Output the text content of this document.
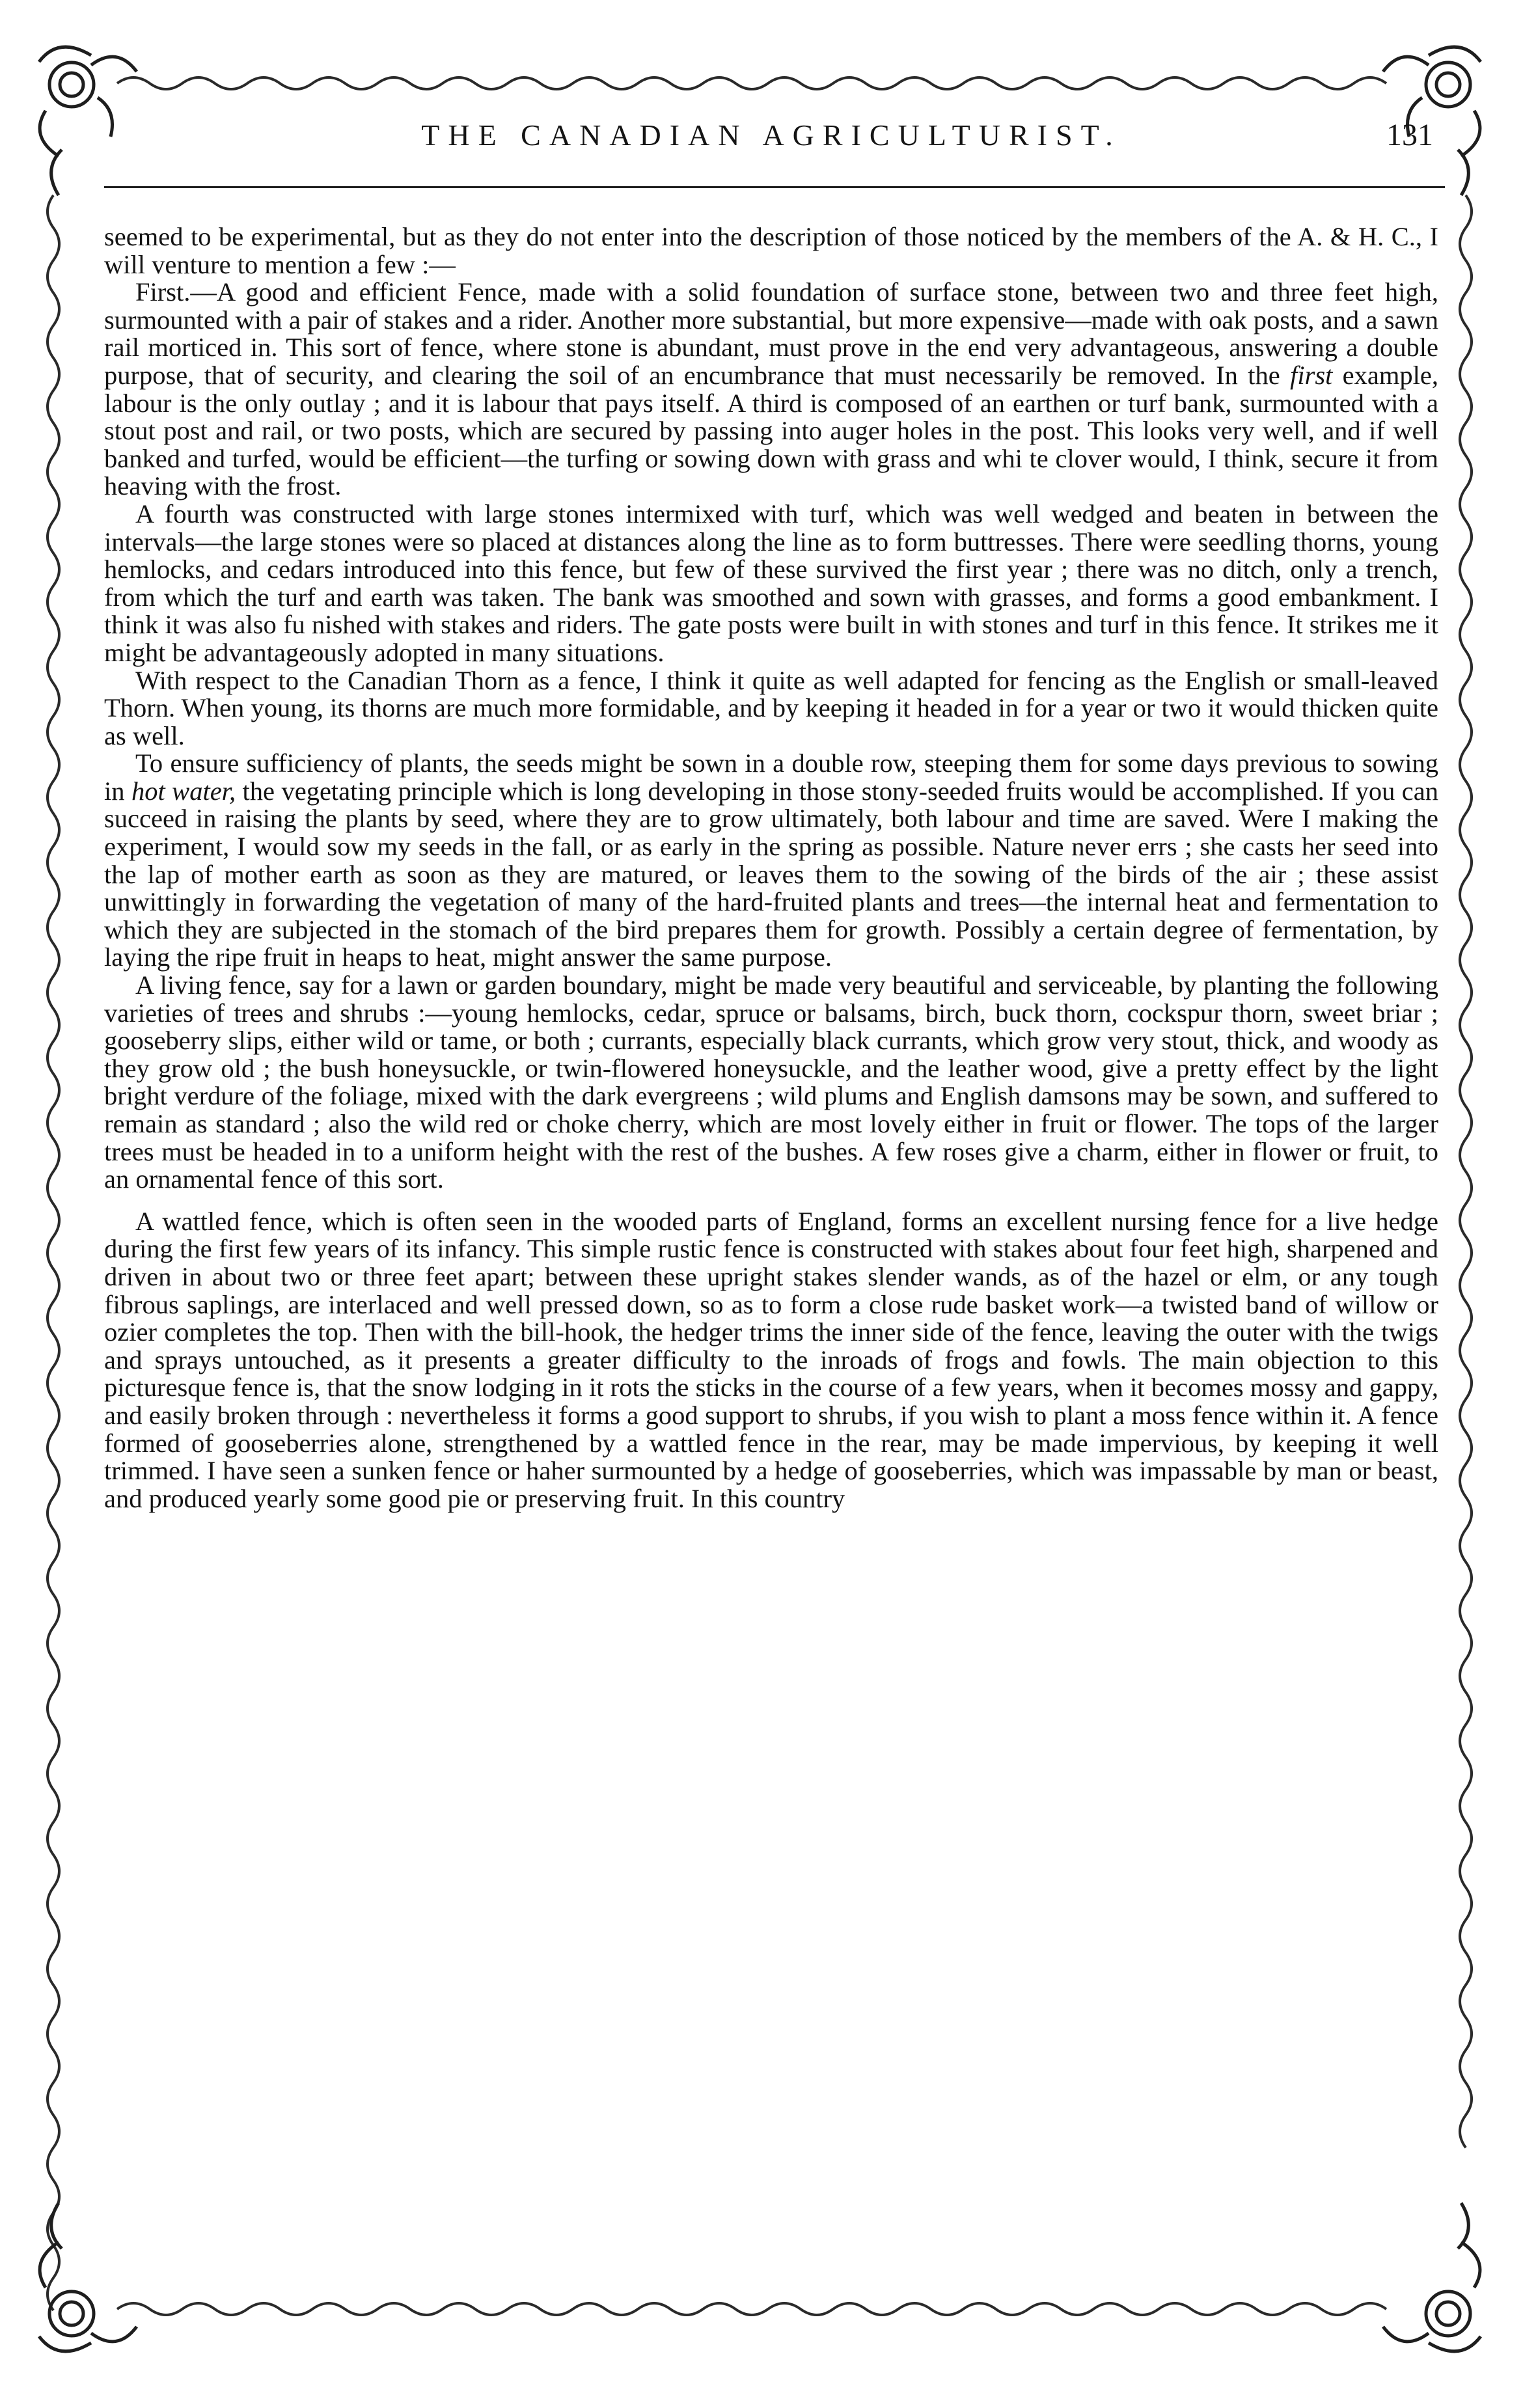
THE CANADIAN AGRICULTURIST.	131

seemed to be experimental, but as they do not enter into the description of those noticed by the members of the A. & H. C., I will venture to mention a few :—

First.—A good and efficient Fence, made with a solid foundation of surface stone, between two and three feet high, surmounted with a pair of stakes and a rider. Another more substantial, but more expensive—made with oak posts, and a sawn rail morticed in. This sort of fence, where stone is abundant, must prove in the end very advantageous, answering a double purpose, that of security, and clearing the soil of an encumbrance that must necessarily be removed. In the first example, labour is the only outlay ; and it is labour that pays itself. A third is composed of an earthen or turf bank, surmounted with a stout post and rail, or two posts, which are secured by passing into auger holes in the post. This looks very well, and if well banked and turfed, would be efficient—the turfing or sowing down with grass and whi te clover would, I think, secure it from heaving with the frost.

A fourth was constructed with large stones intermixed with turf, which was well wedged and beaten in between the intervals—the large stones were so placed at distances along the line as to form buttresses. There were seedling thorns, young hemlocks, and cedars introduced into this fence, but few of these survived the first year ; there was no ditch, only a trench, from which the turf and earth was taken. The bank was smoothed and sown with grasses, and forms a good embankment. I think it was also fu nished with stakes and riders. The gate posts were built in with stones and turf in this fence. It strikes me it might be advantageously adopted in many situations.

With respect to the Canadian Thorn as a fence, I think it quite as well adapted for fencing as the English or small-leaved Thorn. When young, its thorns are much more formidable, and by keeping it headed in for a year or two it would thicken quite as well.

To ensure sufficiency of plants, the seeds might be sown in a double row, steeping them for some days previous to sowing in hot water, the vegetating principle which is long developing in those stony-seeded fruits would be accomplished. If you can succeed in raising the plants by seed, where they are to grow ultimately, both labour and time are saved. Were I making the experiment, I would sow my seeds in the fall, or as early in the spring as possible. Nature never errs ; she casts her seed into the lap of mother earth as soon as they are matured, or leaves them to the sowing of the birds of the air ; these assist unwittingly in forwarding the vegetation of many of the hard-fruited plants and trees—the internal heat and fermentation to which they are subjected in the stomach of the bird prepares them for growth. Possibly a certain degree of fermentation, by laying the ripe fruit in heaps to heat, might answer the same purpose.

A living fence, say for a lawn or garden boundary, might be made very beautiful and serviceable, by planting the following varieties of trees and shrubs :—young hemlocks, cedar, spruce or balsams, birch, buck thorn, cockspur thorn, sweet briar ; gooseberry slips, either wild or tame, or both ; currants, especially black currants, which grow very stout, thick, and woody as they grow old ; the bush honeysuckle, or twin-flowered honeysuckle, and the leather wood, give a pretty effect by the light bright verdure of the foliage, mixed with the dark evergreens ; wild plums and English damsons may be sown, and suffered to remain as standard ; also the wild red or choke cherry, which are most lovely either in fruit or flower. The tops of the larger trees must be headed in to a uniform height with the rest of the bushes. A few roses give a charm, either in flower or fruit, to an ornamental fence of this sort.

A wattled fence, which is often seen in the wooded parts of England, forms an excellent nursing fence for a live hedge during the first few years of its infancy. This simple rustic fence is constructed with stakes about four feet high, sharpened and driven in about two or three feet apart; between these upright stakes slender wands, as of the hazel or elm, or any tough fibrous saplings, are interlaced and well pressed down, so as to form a close rude basket work—a twisted band of willow or ozier completes the top. Then with the bill-hook, the hedger trims the inner side of the fence, leaving the outer with the twigs and sprays untouched, as it presents a greater difficulty to the inroads of frogs and fowls. The main objection to this picturesque fence is, that the snow lodging in it rots the sticks in the course of a few years, when it becomes mossy and gappy, and easily broken through : nevertheless it forms a good support to shrubs, if you wish to plant a moss fence within it. A fence formed of gooseberries alone, strengthened by a wattled fence in the rear, may be made impervious, by keeping it well trimmed. I have seen a sunken fence or haher surmounted by a hedge of gooseberries, which was impassable by man or beast, and produced yearly some good pie or preserving fruit. In this country
